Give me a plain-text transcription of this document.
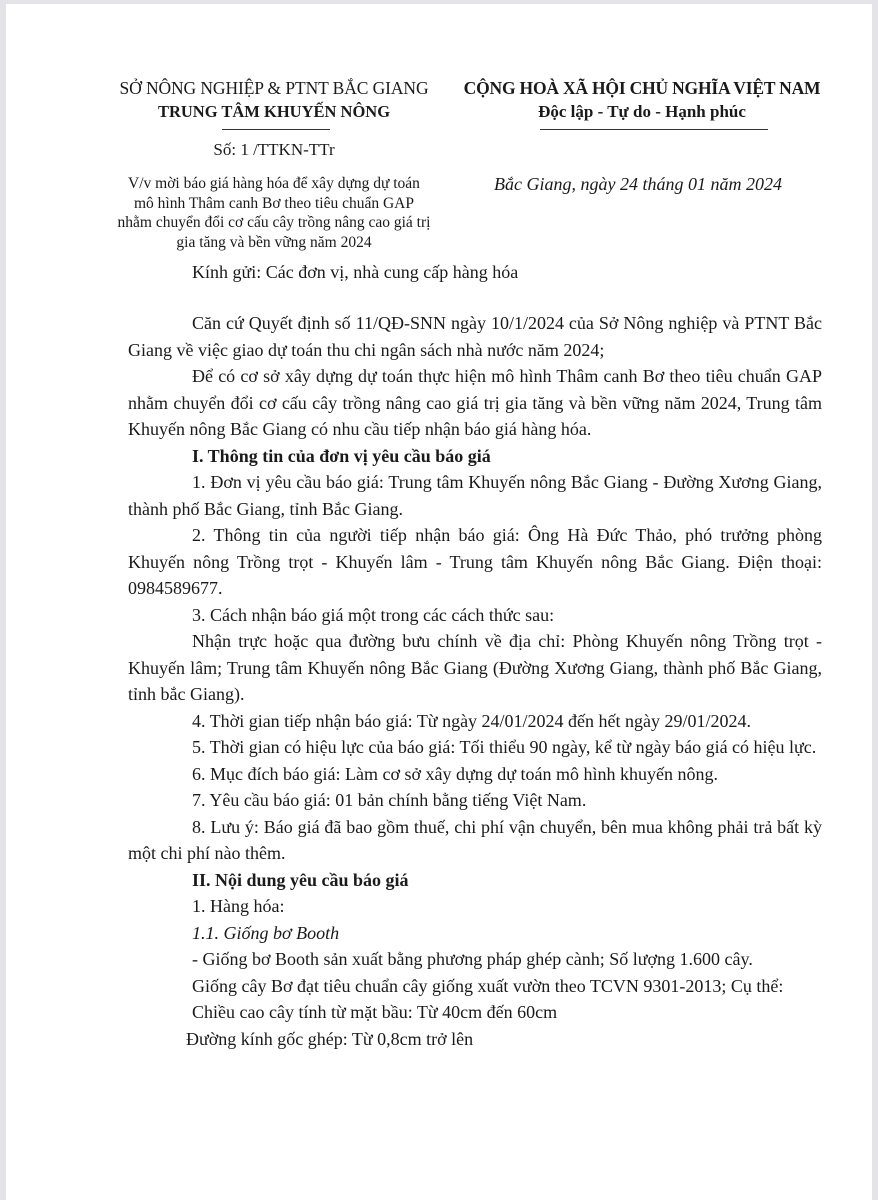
SỞ NÔNG NGHIỆP & PTNT BẮC GIANG
TRUNG TÂM KHUYẾN NÔNG
Số: 1 /TTKN-TTr
V/v mời báo giá hàng hóa để xây dựng dự toán
mô hình Thâm canh Bơ theo tiêu chuẩn GAP
nhằm chuyển đổi cơ cấu cây trồng nâng cao giá trị
gia tăng và bền vững năm 2024
CỘNG HOÀ XÃ HỘI CHỦ NGHĨA VIỆT NAM
Độc lập - Tự do - Hạnh phúc
Bắc Giang, ngày 24 tháng 01 năm 2024
Kính gửi: Các đơn vị, nhà cung cấp hàng hóa

Căn cứ Quyết định số 11/QĐ-SNN ngày 10/1/2024 của Sở Nông nghiệp và PTNT Bắc Giang về việc giao dự toán thu chi ngân sách nhà nước năm 2024;

Để có cơ sở xây dựng dự toán thực hiện mô hình Thâm canh Bơ theo tiêu chuẩn GAP nhằm chuyển đổi cơ cấu cây trồng nâng cao giá trị gia tăng và bền vững năm 2024, Trung tâm Khuyến nông Bắc Giang có nhu cầu tiếp nhận báo giá hàng hóa.

I. Thông tin của đơn vị yêu cầu báo giá

1. Đơn vị yêu cầu báo giá: Trung tâm Khuyến nông Bắc Giang - Đường Xương Giang, thành phố Bắc Giang, tỉnh Bắc Giang.

2. Thông tin của người tiếp nhận báo giá: Ông Hà Đức Thảo, phó trưởng phòng Khuyến nông Trồng trọt - Khuyến lâm - Trung tâm Khuyến nông Bắc Giang. Điện thoại: 0984589677.

3. Cách nhận báo giá một trong các cách thức sau:

Nhận trực hoặc qua đường bưu chính về địa chỉ: Phòng Khuyến nông Trồng trọt - Khuyến lâm; Trung tâm Khuyến nông Bắc Giang (Đường Xương Giang, thành phố Bắc Giang, tỉnh bắc Giang).

4. Thời gian tiếp nhận báo giá: Từ ngày 24/01/2024 đến hết ngày 29/01/2024.

5. Thời gian có hiệu lực của báo giá: Tối thiểu 90 ngày, kể từ ngày báo giá có hiệu lực.

6. Mục đích báo giá: Làm cơ sở xây dựng dự toán mô hình khuyến nông.

7. Yêu cầu báo giá: 01 bản chính bằng tiếng Việt Nam.

8. Lưu ý: Báo giá đã bao gồm thuế, chi phí vận chuyển, bên mua không phải trả bất kỳ một chi phí nào thêm.

II. Nội dung yêu cầu báo giá

1. Hàng hóa:

1.1. Giống bơ Booth

- Giống bơ Booth sản xuất bằng phương pháp ghép cành; Số lượng 1.600 cây.

Giống cây Bơ đạt tiêu chuẩn cây giống xuất vườn theo TCVN 9301-2013; Cụ thể:

Chiều cao cây tính từ mặt bầu: Từ 40cm đến 60cm

Đường kính gốc ghép: Từ 0,8cm trở lên
